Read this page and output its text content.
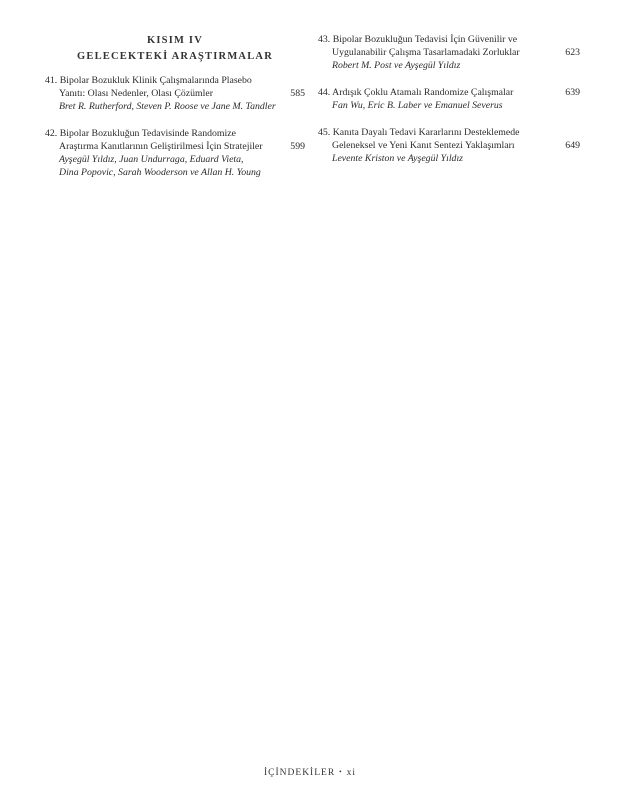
KISIM IV
GELECEKTEKİ ARAŞTIRMALAR
41. Bipolar Bozukluk Klinik Çalışmalarında Plasebo
Yanıtı: Olası Nedenler, Olası Çözümler	585
Bret R. Rutherford, Steven P. Roose ve Jane M. Tandler
42. Bipolar Bozukluğun Tedavisinde Randomize
Araştırma Kanıtlarının Geliştirilmesi İçin Stratejiler	599
Ayşegül Yıldız, Juan Undurraga, Eduard Vieta,
Dina Popovic, Sarah Wooderson ve Allan H. Young
43. Bipolar Bozukluğun Tedavisi İçin Güvenilir ve
Uygulanabilir Çalışma Tasarlamadaki Zorluklar	623
Robert M. Post ve Ayşegül Yıldız
44. Ardışık Çoklu Atamalı Randomize Çalışmalar	639
Fan Wu, Eric B. Laber ve Emanuel Severus
45. Kanıta Dayalı Tedavi Kararlarını Desteklemede
Geleneksel ve Yeni Kanıt Sentezi Yaklaşımları	649
Levente Kriston ve Ayşegül Yıldız
İÇİNDEKİLER • xi
